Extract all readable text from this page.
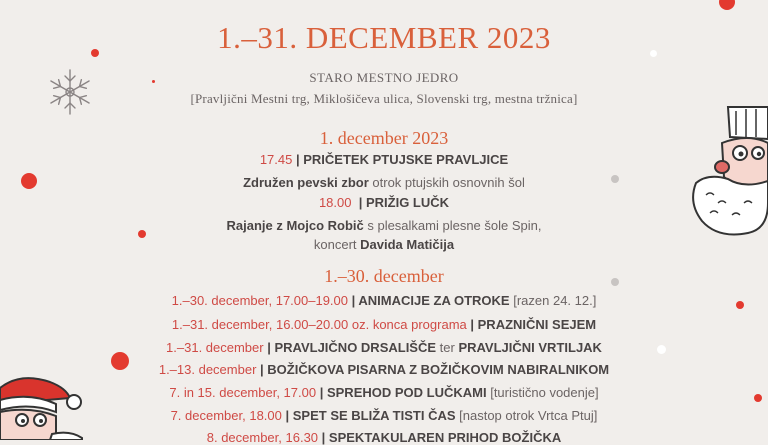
1.–31. DECEMBER 2023
STARO MESTNO JEDRO
[Pravljični Mestni trg, Miklošičeva ulica, Slovenski trg, mestna tržnica]
1. december 2023
17.45 | PRIČETEK PTUJSKE PRAVLJICE
Združen pevski zbor otrok ptujskih osnovnih šol
18.00  | PRIŽIG LUČK
Rajanje z Mojco Robič s plesalkami plesne šole Spin,
koncert Davida Matičija
1.–30. december
1.–30. december, 17.00–19.00 | ANIMACIJE ZA OTROKE [razen 24. 12.]
1.–31. december, 16.00–20.00 oz. konca programa | PRAZNIČNI SEJEM
1.–31. december | PRAVLJIČNO DRSALIŠČE ter PRAVLJIČNI VRTILJAK
1.–13. december | BOŽIČKOVA PISARNA Z BOŽIČKOVIM NABIRALNIKOM
7. in 15. december, 17.00 | SPREHOD POD LUČKAMI [turistično vodenje]
7. december, 18.00 | SPET SE BLIŽA TISTI ČAS [nastop otrok Vrtca Ptuj]
8. december, 16.30 | SPEKTAKULAREN PRIHOD BOŽIČKA
